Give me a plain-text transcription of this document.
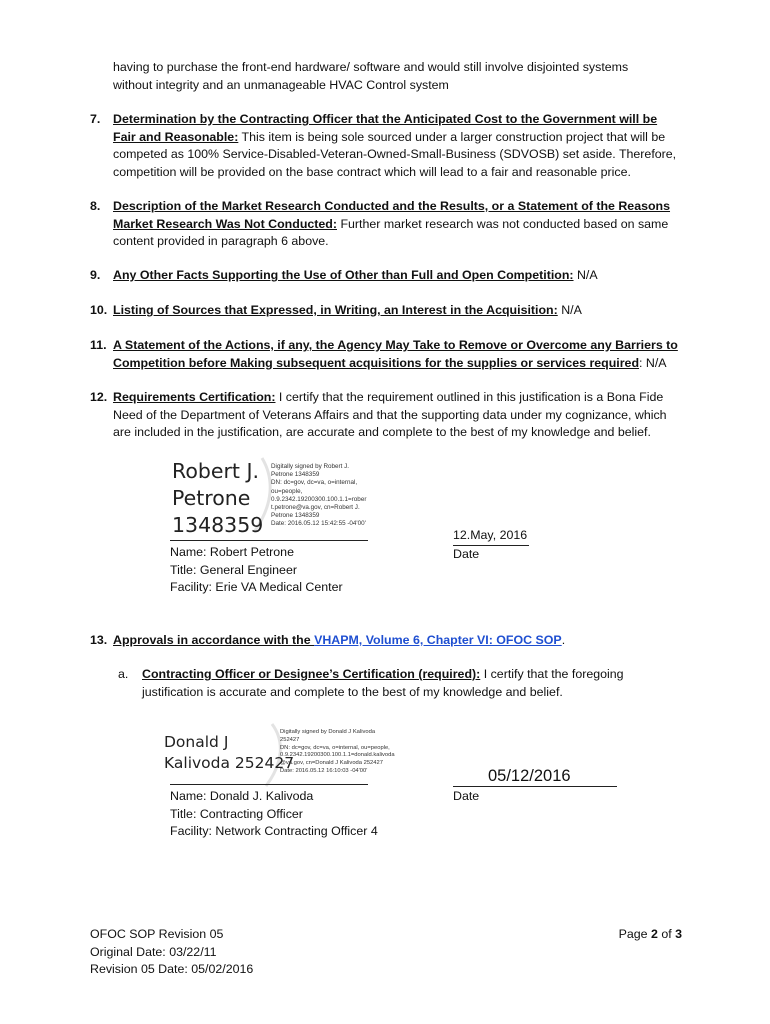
having to purchase the front-end hardware/ software and would still involve disjointed systems

without integrity and an unmanageable HVAC Control system

7. Determination by the Contracting Officer that the Anticipated Cost to the Government will be Fair and Reasonable: This item is being sole sourced under a larger construction project that will be competed as 100% Service-Disabled-Veteran-Owned-Small-Business (SDVOSB) set aside. Therefore, competition will be provided on the base contract which will lead to a fair and reasonable price.

8. Description of the Market Research Conducted and the Results, or a Statement of the Reasons Market Research Was Not Conducted: Further market research was not conducted based on same content provided in paragraph 6 above.

9. Any Other Facts Supporting the Use of Other than Full and Open Competition: N/A

10. Listing of Sources that Expressed, in Writing, an Interest in the Acquisition: N/A

11. A Statement of the Actions, if any, the Agency May Take to Remove or Overcome any Barriers to Competition before Making subsequent acquisitions for the supplies or services required: N/A

12. Requirements Certification: I certify that the requirement outlined in this justification is a Bona Fide Need of the Department of Veterans Affairs and that the supporting data under my cognizance, which are included in the justification, are accurate and complete to the best of my knowledge and belief.

Robert J.
Petrone
1348359
Digitally signed by Robert J.
Petrone 1348359
DN: dc=gov, dc=va, o=internal,
ou=people,
0.9.2342.19200300.100.1.1=rober
t.petrone@va.gov, cn=Robert J.
Petrone 1348359
Date: 2016.05.12 15:42:55 -04'00'

Name: Robert Petrone

Title: General Engineer

Facility: Erie VA Medical Center

12.May, 2016

Date

13. Approvals in accordance with the VHAPM, Volume 6, Chapter VI: OFOC SOP.

a. Contracting Officer or Designee’s Certification (required): I certify that the foregoing justification is accurate and complete to the best of my knowledge and belief.

Donald J
Kalivoda 252427
Digitally signed by Donald J Kalivoda
252427
DN: dc=gov, dc=va, o=internal, ou=people,
0.9.2342.19200300.100.1.1=donald.kalivoda
@va.gov, cn=Donald J Kalivoda 252427
Date: 2016.05.12 16:10:03 -04'00'

Name: Donald J. Kalivoda

Title: Contracting Officer

Facility: Network Contracting Officer 4

05/12/2016
Date

OFOC SOP Revision 05

Original Date: 03/22/11

Revision 05 Date: 05/02/2016

Page 2 of 3
